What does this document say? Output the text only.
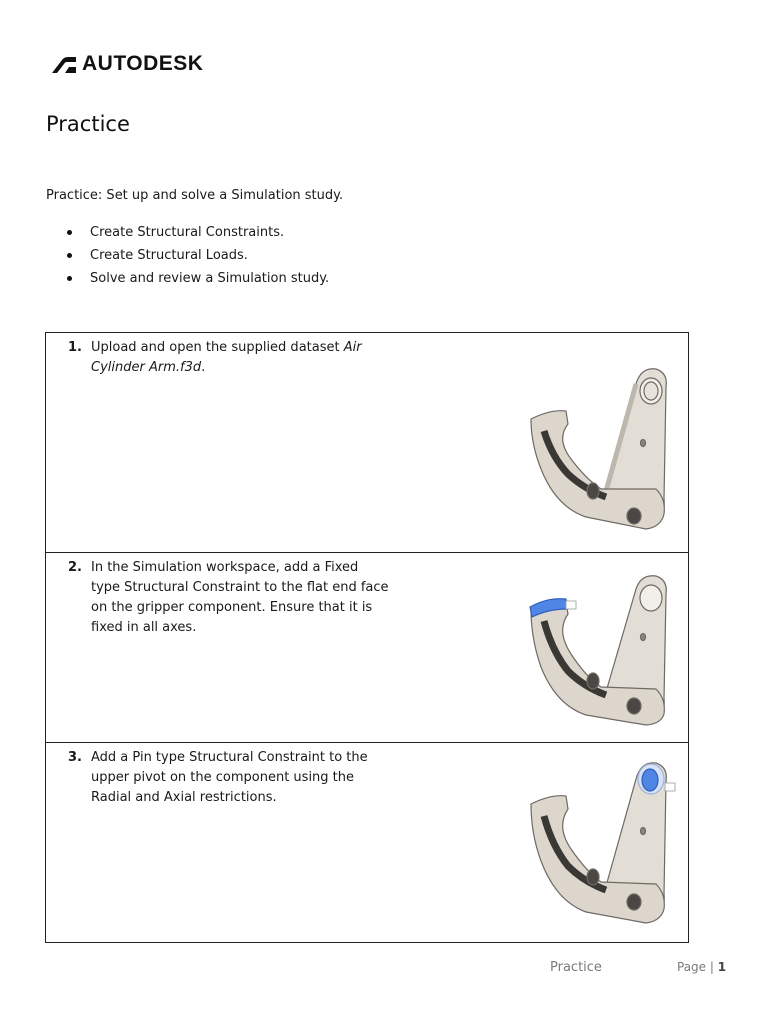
AUTODESK
Practice
Practice: Set up and solve a Simulation study.
Create Structural Constraints.
Create Structural Loads.
Solve and review a Simulation study.
1. Upload and open the supplied dataset Air Cylinder Arm.f3d.

2. In the Simulation workspace, add a Fixed type Structural Constraint to the flat end face on the gripper component. Ensure that it is fixed in all axes.

3. Add a Pin type Structural Constraint to the upper pivot on the component using the Radial and Axial restrictions.
Practice	Page | 1
